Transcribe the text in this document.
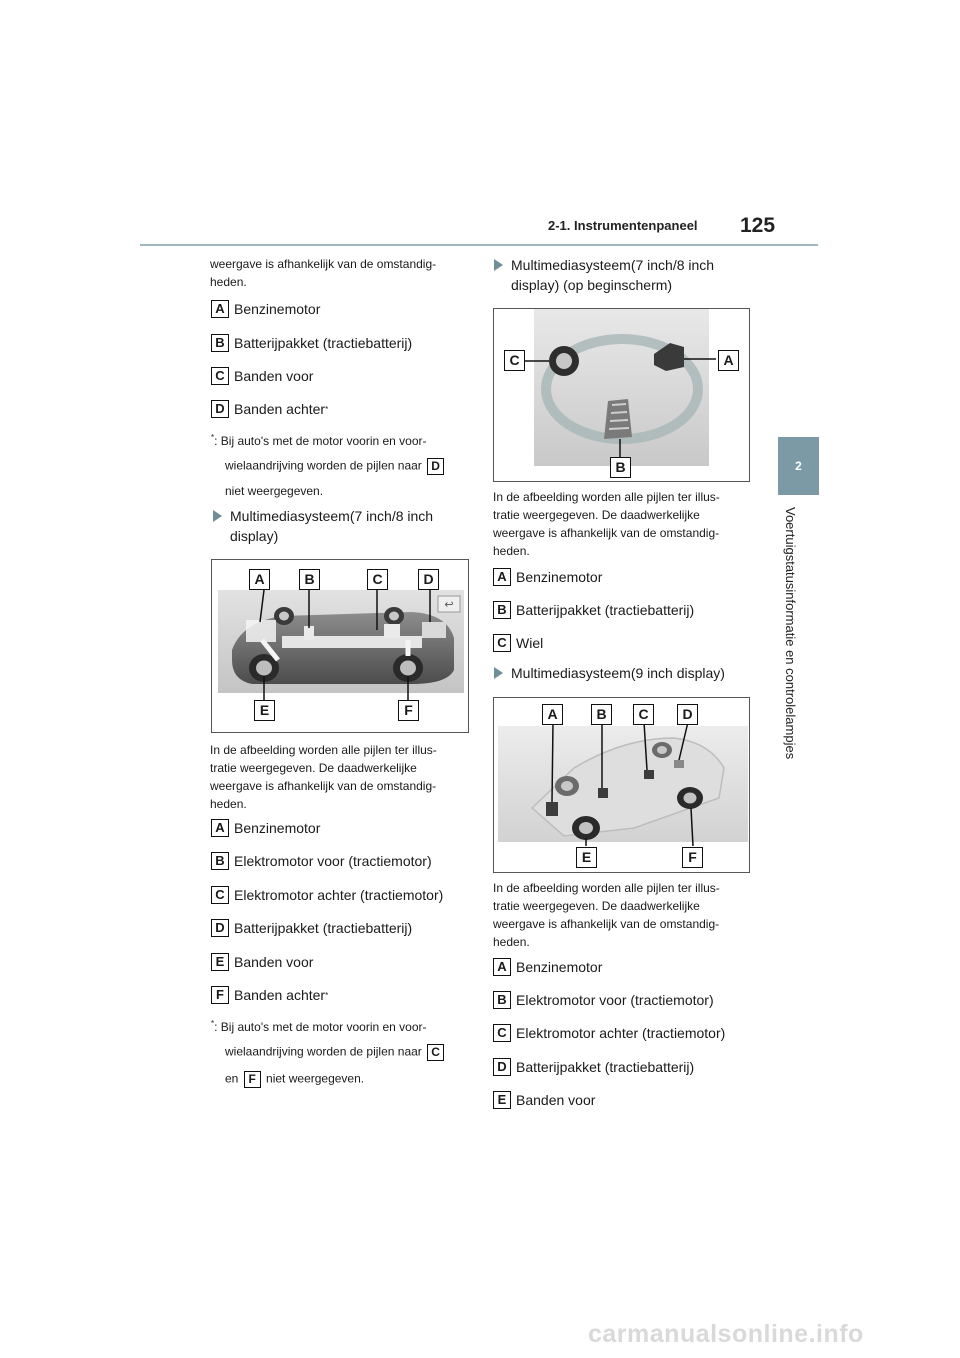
2-1. Instrumentenpaneel 125
2
Voertuigstatusinformatie en controlelampjes
weergave is afhankelijk van de omstandig-
heden.
A Benzinemotor
B Batterijpakket (tractiebatterij)
C Banden voor
D Banden achter *
*: Bij auto's met de motor voorin en voor-
wielaandrijving worden de pijlen naar D
niet weergegeven.
Multimediasysteem(7 inch/8 inch
display)
↩
A	B	C	D
E	F
In de afbeelding worden alle pijlen ter illus-
tratie weergegeven. De daadwerkelijke
weergave is afhankelijk van de omstandig-
heden.
A Benzinemotor
B Elektromotor voor (tractiemotor)
C Elektromotor achter (tractiemotor)
D Batterijpakket (tractiebatterij)
E Banden voor
F Banden achter *
*: Bij auto's met de motor voorin en voor-
wielaandrijving worden de pijlen naar C
en F niet weergegeven.
Multimediasysteem(7 inch/8 inch
display) (op beginscherm)
C	A
B
In de afbeelding worden alle pijlen ter illus-
tratie weergegeven. De daadwerkelijke
weergave is afhankelijk van de omstandig-
heden.
A Benzinemotor
B Batterijpakket (tractiebatterij)
C Wiel
Multimediasysteem(9 inch display)
A	B	C	D
E	F
In de afbeelding worden alle pijlen ter illus-
tratie weergegeven. De daadwerkelijke
weergave is afhankelijk van de omstandig-
heden.
A Benzinemotor
B Elektromotor voor (tractiemotor)
C Elektromotor achter (tractiemotor)
D Batterijpakket (tractiebatterij)
E Banden voor
carmanualsonline.info
